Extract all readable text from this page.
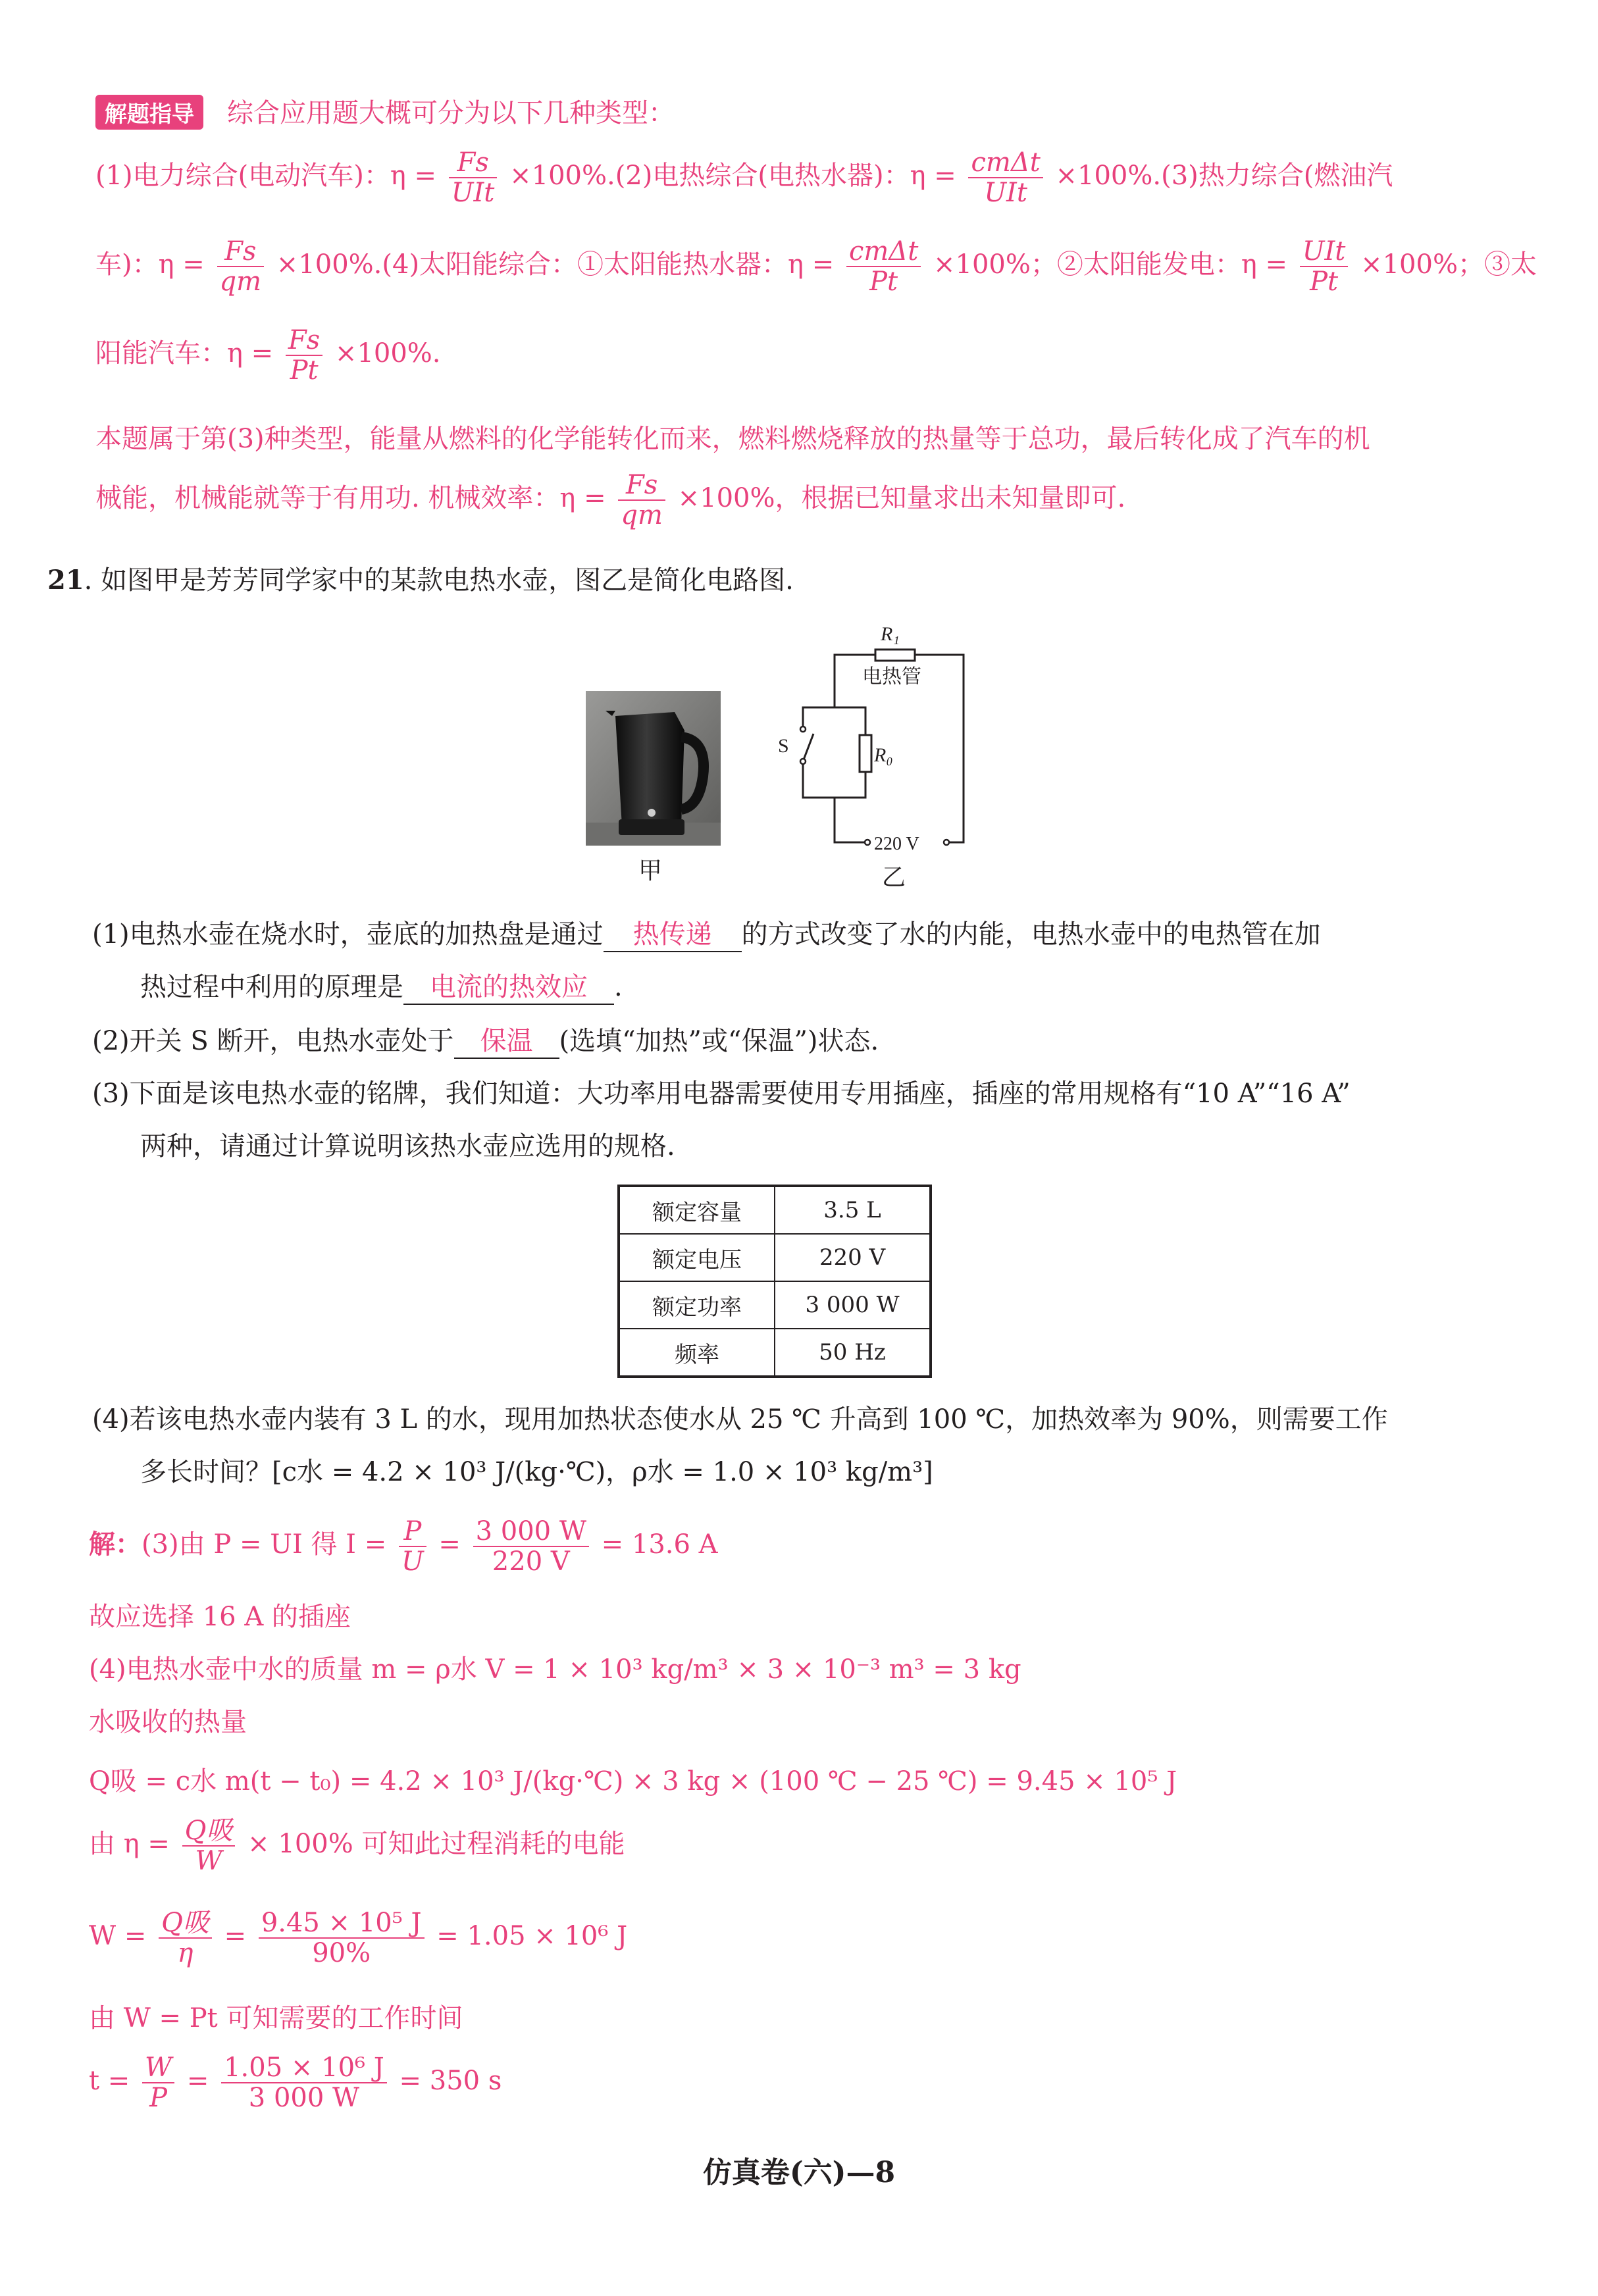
解题指导 综合应用题大概可分为以下几种类型：
(1)电力综合(电动汽车)：$\eta = \frac{Fs}{\text{UIt}} \times 100\%.(2)$电热综合(电热水器)：$\eta = \frac{\text{cmΔt}}{\text{UIt}} \times 100\%.(3)$热力综合(燃油汽
车)：$\eta = \frac{Fs}{qm} \times 100\%.(4)$太阳能综合：①太阳能热水器：$\eta = \frac{\text{cmΔt}}{Pt} \times 100\%$；②太阳能发电：$\eta = \frac{\text{UIt}}{Pt} \times 100\%$；③太
阳能汽车：$\eta = \frac{Fs}{Pt} \times 100\%$.
本题属于第(3)种类型，能量从燃料的化学能转化而来，燃料燃烧释放的热量等于总功，最后转化成了汽车的机
械能，机械能就等于有用功. 机械效率：$\eta = \frac{Fs}{qm} \times 100\%$，根据已知量求出未知量即可.
21. 如图甲是芳芳同学家中的某款电热水壶，图乙是简化电路图.
甲
R₁
电热管
S	R₀
220 V
乙
(1)电热水壶在烧水时，壶底的加热盘是通过 热传递 的方式改变了水的内能，电热水壶中的电热管在加
热过程中利用的原理是 电流的热效应 .
(2)开关 S 断开，电热水壶处于 保温 (选填“加热”或“保温”)状态.
(3)下面是该电热水壶的铭牌，我们知道：大功率用电器需要使用专用插座，插座的常用规格有“10 A”“16 A”
两种，请通过计算说明该热水壶应选用的规格.
额定容量	3.5 L
额定电压	220 V
额定功率	3 000 W
频率	50 Hz
(4)若该电热水壶内装有 3 L 的水，现用加热状态使水从 25 ℃ 升高到 100 ℃，加热效率为 90%，则需要工作
多长时间？[c水 = 4.2 × 10³ J/(kg·℃)，ρ水 = 1.0 × 10³ kg/m³]
解：(3)由 P = UI 得 $I = \frac{P}{U} = \frac{3 000 W}{220 V} = 13.6$ A
故应选择 16 A 的插座
(4)电热水壶中水的质量 m = ρ水 V = 1 × 10³ kg/m³ × 3 × 10⁻³ m³ = 3 kg
水吸收的热量
Q吸 = c水 m(t − t₀) = 4.2 × 10³ J/(kg·℃) × 3 kg × (100 ℃ − 25 ℃) = 9.45 × 10⁵ J
由 $\eta = \frac{\text{Q吸}}{W} \times 100\%$ 可知此过程消耗的电能
$W = \frac{\text{Q吸}}{\eta} = \frac{\text{9.45 × 10⁵ J}}{90\%} = 1.05 \times 10^6$ J
由 W = Pt 可知需要的工作时间
$t = \frac{W}{P} = \frac{\text{1.05 × 10⁶ J}}{3 000 W} = 350$ s
仿真卷(六)—8
